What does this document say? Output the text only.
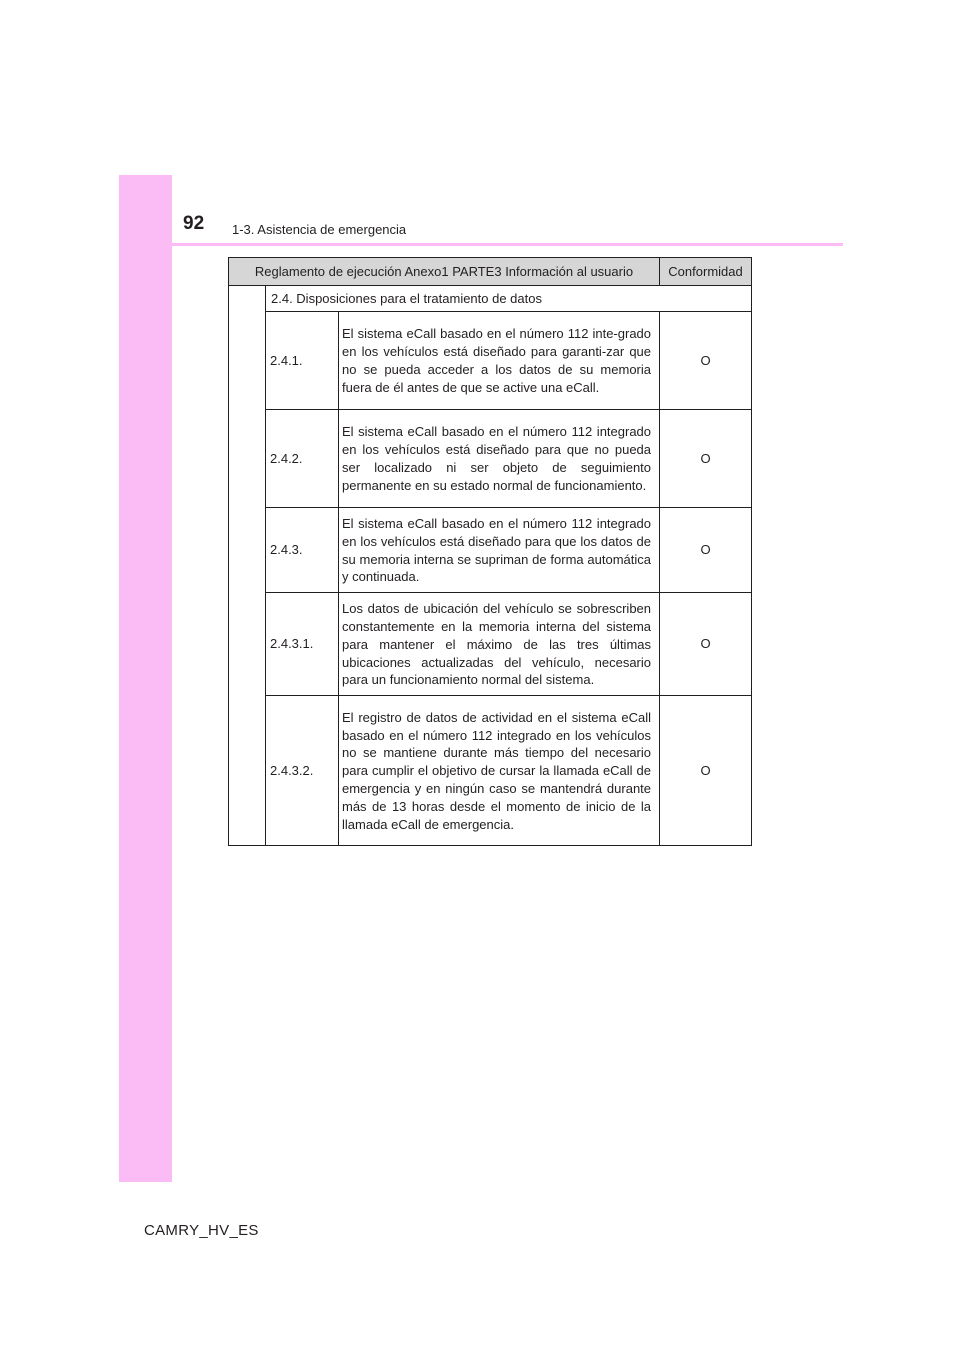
92 1-3. Asistencia de emergencia
Reglamento de ejecución Anexo1 PARTE3 Información al usuario			Conformidad
	2.4. Disposiciones para el tratamiento de datos		
	2.4.1.	El sistema eCall basado en el número 112 inte-grado en los vehículos está diseñado para garanti-zar que no se pueda acceder a los datos de su memoria fuera de él antes de que se active una eCall.	O
	2.4.2.	El sistema eCall basado en el número 112 integrado en los vehículos está diseñado para que no pueda ser localizado ni ser objeto de seguimiento permanente en su estado normal de funcionamiento.	O
	2.4.3.	El sistema eCall basado en el número 112 integrado en los vehículos está diseñado para que los datos de su memoria interna se supriman de forma automática y continuada.	O
	2.4.3.1.	Los datos de ubicación del vehículo se sobrescriben constantemente en la memoria interna del sistema para mantener el máximo de las tres últimas ubicaciones actualizadas del vehículo, necesario para un funcionamiento normal del sistema.	O
	2.4.3.2.	El registro de datos de actividad en el sistema eCall basado en el número 112 integrado en los vehículos no se mantiene durante más tiempo del necesario para cumplir el objetivo de cursar la llamada eCall de emergencia y en ningún caso se mantendrá durante más de 13 horas desde el momento de inicio de la llamada eCall de emergencia.	O
CAMRY_HV_ES
